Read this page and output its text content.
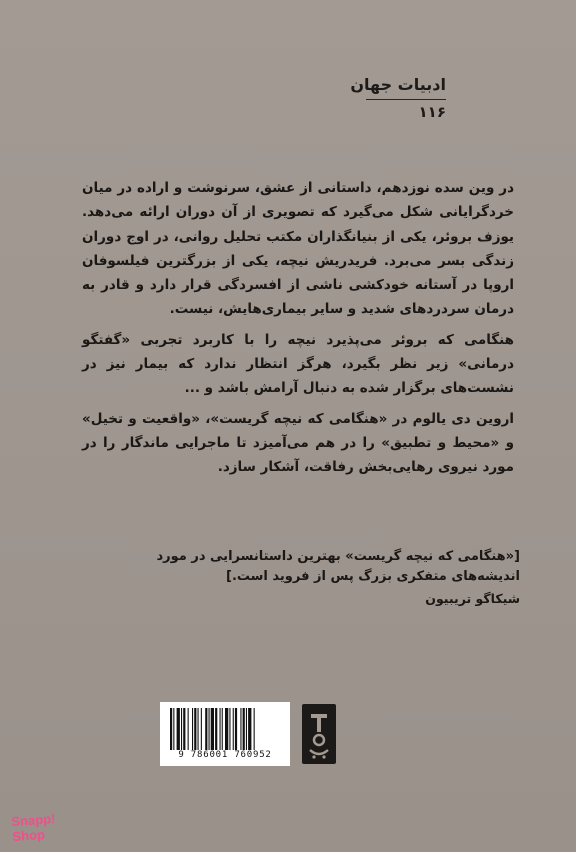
ادبیات جهان
۱۱۶

در وین سده نوزدهم، داستانی از عشق، سرنوشت و اراده در میان خردگرایانی شکل می‌گیرد که تصویری از آن دوران ارائه می‌دهد. یوزف بروئر، یکی از بنیانگذاران مکتب تحلیل روانی، در اوج دوران زندگی بسر می‌برد. فریدریش نیچه، یکی از بزرگترین فیلسوفان اروپا در آستانه خودکشی ناشی از افسردگی قرار دارد و قادر به درمان سردردهای شدید و سایر بیماری‌هایش، نیست.

هنگامی که بروئر می‌پذیرد نیچه را با کاربرد تجربی «گفتگو درمانی» زیر نظر بگیرد، هرگز انتظار ندارد که بیمار نیز در نشست‌های برگزار شده به دنبال آرامش باشد و ...

اروین دی یالوم در «هنگامی که نیچه گریست»، «واقعیت و تخیل» و «محیط و تطبیق» را در هم می‌آمیزد تا ماجرایی ماندگار را در مورد نیروی رهایی‌بخش رفاقت، آشکار سازد.

[«هنگامی که نیچه گریست» بهترین داستانسرایی در مورد اندیشه‌های متفکری بزرگ پس از فروید است.]

شیکاگو تریبیون

9 786001 760952
Snapp!
Shop
